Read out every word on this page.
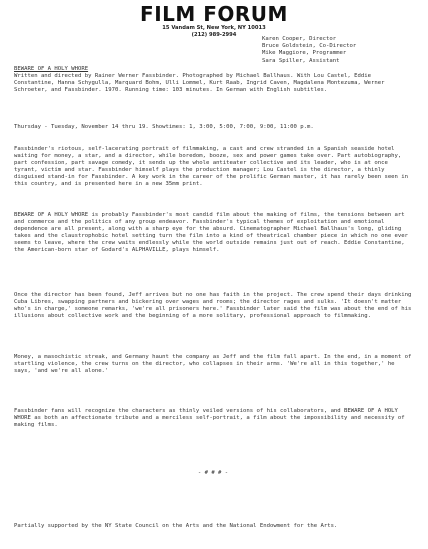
FILM FORUM
15 Vandam St, New York, NY 10013
(212) 989-2994
Karen Cooper, Director
Bruce Goldstein, Co-Director
Mike Maggiore, Programmer
Sara Spiller, Assistant

BEWARE OF A HOLY WHORE

Written and directed by Rainer Werner Fassbinder. Photographed by Michael Ballhaus. With Lou Castel, Eddie Constantine, Hanna Schygulla, Marquard Bohm, Ulli Lommel, Kurt Raab, Ingrid Caven, Magdalena Montezuma, Werner Schroeter, and Fassbinder. 1970. Running time: 103 minutes. In German with English subtitles.

Thursday - Tuesday, November 14 thru 19. Showtimes: 1, 3:00, 5:00, 7:00, 9:00, 11:00 p.m.

Fassbinder's riotous, self-lacerating portrait of filmmaking, a cast and crew stranded in a Spanish seaside hotel waiting for money, a star, and a director, while boredom, booze, sex and power games take over. Part autobiography, part confession, part savage comedy, it sends up the whole antiteater collective and its leader, who is at once tyrant, victim and star. Fassbinder himself plays the production manager; Lou Castel is the director, a thinly disguised stand-in for Fassbinder. A key work in the career of the prolific German master, it has rarely been seen in this country, and is presented here in a new 35mm print.

BEWARE OF A HOLY WHORE is probably Fassbinder's most candid film about the making of films, the tensions between art and commerce and the politics of any group endeavor. Fassbinder's typical themes of exploitation and emotional dependence are all present, along with a sharp eye for the absurd. Cinematographer Michael Ballhaus's long, gliding takes and the claustrophobic hotel setting turn the film into a kind of theatrical chamber piece in which no one ever seems to leave, where the crew waits endlessly while the world outside remains just out of reach. Eddie Constantine, the American-born star of Godard's ALPHAVILLE, plays himself.

Once the director has been found, Jeff arrives but no one has faith in the project. The crew spend their days drinking Cuba Libres, swapping partners and bickering over wages and rooms; the director rages and sulks. 'It doesn't matter who's in charge,' someone remarks, 'we're all prisoners here.' Fassbinder later said the film was about the end of his illusions about collective work and the beginning of a more solitary, professional approach to filmmaking.

Money, a masochistic streak, and Germany haunt the company as Jeff and the film fall apart. In the end, in a moment of startling violence, the crew turns on the director, who collapses in their arms. 'We're all in this together,' he says, 'and we're all alone.'

Fassbinder fans will recognize the characters as thinly veiled versions of his collaborators, and BEWARE OF A HOLY WHORE as both an affectionate tribute and a merciless self-portrait, a film about the impossibility and necessity of making films.

- # # # -

Partially supported by the NY State Council on the Arts and the National Endowment for the Arts.
